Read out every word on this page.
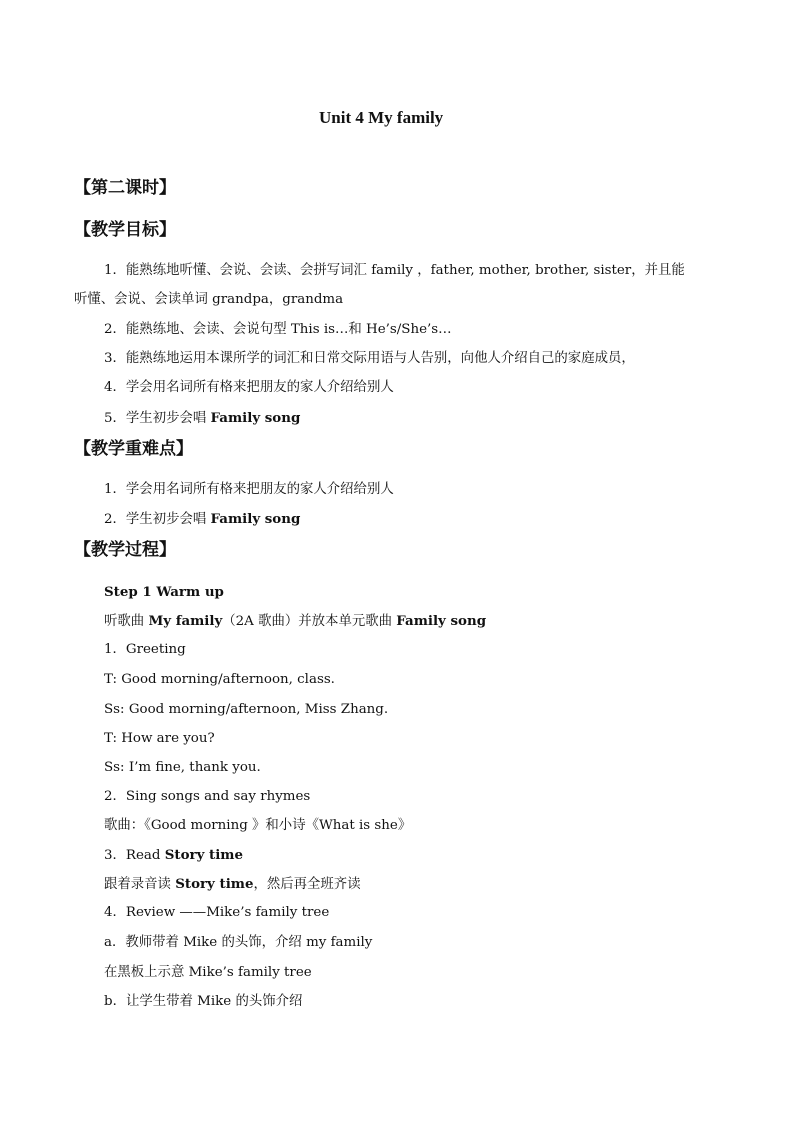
Unit 4 My family
【第二课时】
【教学目标】
1．能熟练地听懂、会说、会读、会拼写词汇 family ，father, mother, brother, sister，并且能
听懂、会说、会读单词 grandpa，grandma
2．能熟练地、会读、会说句型 This is…和 He’s/She’s…
3．能熟练地运用本课所学的词汇和日常交际用语与人告别，向他人介绍自己的家庭成员，
4．学会用名词所有格来把朋友的家人介绍给别人
5．学生初步会唱 Family song
【教学重难点】
1．学会用名词所有格来把朋友的家人介绍给别人
2．学生初步会唱 Family song
【教学过程】
Step 1 Warm up
听歌曲 My family（2A 歌曲）并放本单元歌曲 Family song
1．Greeting
T: Good morning/afternoon, class.
Ss: Good morning/afternoon, Miss Zhang.
T: How are you?
Ss: I’m fine, thank you.
2．Sing songs and say rhymes
歌曲：《Good morning 》和小诗《What is she》
3．Read Story time
跟着录音读 Story time，然后再全班齐读
4．Review ——Mike’s family tree
a．教师带着 Mike 的头饰，介绍 my family
在黑板上示意 Mike’s family tree
b．让学生带着 Mike 的头饰介绍
